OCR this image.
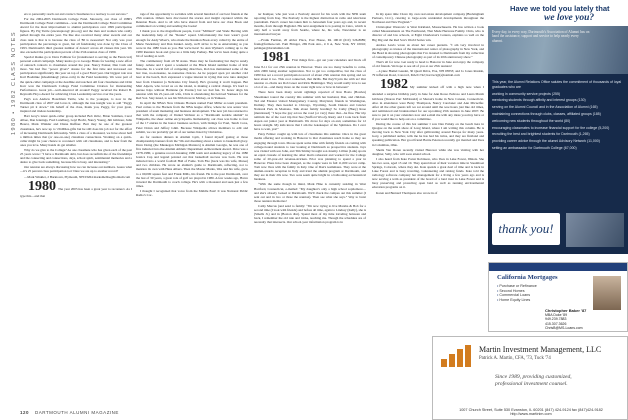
1980 • 1982 CLASS NOTES

ers to personally reach out and contact classmates is a real key to our success.”

For the 2004-2005 Dartmouth College Fund. Sincerely, our class of 1980's Dartmouth College Fund committee—won the Dartmouth College Fund Committee Award for the most improvement to alumni participation over 1999 participation figures. By Pig Tuttle (stacetupton@ pbs.org) and the men and women who really pulled through the entire year. We like also received many other awards and our class rank is that is is because the class of '80 is awesome!! Not only was your participation the percentage to great, but all fundraising was done by the Class of 1993. Dartmouth's third greatest number of donors' across all classes this year. We also exceeded the participation percent of the 25th reunion class of 1980.

Special thanks go to Dave Pollitzer for (transitioned to serving as the Fund.cwd) personal e-mail campaign. Many kudos go to George Bruns for leading a new effort of outreach contacts to classmates around the year. Nancy Pazner, Dan Cash and more. We had five “power givers” donate for the first time and increased our participation significantly this year on top of a good Fund year. Our biggest role was Karl Boehmke (kboehmke@ yahoo.com) in the Fund leadership. We were part of the quick-caller campaign at the deadline and reached. All four classmates and Ortiz Karr won the Dartmouth College Fund Committee Citation for Outstanding Performance. Great job—well-deserved all around! Peggy received the Robert B. Reynolds Hoyo Award for achieving Class Leadership service over the years.

Peg's son Andrew Boardman Tuttle, who is the youngest, is now in the Dartmouth class of 2007 and loves it, although the true insight was to add “Peggy Turner pit it down.” On behalf of the class, thank you, Peggy, for your great, inspired and tireless leadership.

Bart Gray's latest quick-caller group included Bob Ortiz, Brian Salzman, Carol Albee, Dan Jennings, Fred Lundberg, Gayl Hecht, Nancy Young, Jim Gilmour, Julia Hearst, Mark Winkler and Diane Ruffner. Bart may be one of the greatest classmates, he's now up to '20-Miles-gifts but he still does his job not for the effort of increasing Dartmouth fellowship. With a class of a thousand, we have about half a million times that (or one-on-one) classmate connections. Working on a quick-caller might be your chance to reconnect with old classmates, and to hear from the ones you love. Many hands do get smaller.

Why do we give to the College? As one classmate who has given each of the past 25 years wrote: “I have a Dartmouth debt, but does reconfirm me of the friendships and the connecting and connections, days, school spirit, sentimental memories and a desire to give back something, because life is busy, and interesting.”

Our reunion are always discussing how we can increase our numbers. Guess what—it's 25 percent class participation too! Dare we are up to another record?

—Mark Winkler, 2 Barktown, Plymouth, NH 03264 marksthebbe@hotmail.com

1980 The year 2005 has been a great year to reconnect. As I type this—and that

rage of the opportunity to socialize with several hundred of our best friends at the 25th reunion. Others have discovered the stories and insight captured within the Reunion Book. And to all who have shared from and have our class Book and commented on writing and sending the books!

I thank you to the magnificent people, Carol “Milliard” and Wade Herring with the leadership help of the “Reune” squad. Unfortunately the best wasn't good enough for Andy Wiser's, who made the Reunion Book every called by the entire of Marie Tewksbury and Dan Zenkel. Andy, we'll strive to be as entertaining as you were in the 1980 book as you. But we're here! So Ann Wyman's coming up to the 1980 Reunion book and gave us a little help Pudney. But we've been doing quite a bit of reading as well.

The commentary from all 50 states. There may be fascinating but they're surely funny. Arlene and I spent a weekend at the Black Island summer home of Rob Nusome. In a world full of competing directives, Rob has maintained some of the last true, no-nonsense, no-nonsense choices. As he popped open yet another cold beer at the beach, Rob expressed a vague interest in trying that new tuna designer beer from Chestnut (a Nebraska City friend). He's growing it won't happen. But Matt Alpern, who loved us on the island, is making a radical change. It's hard to pursue Kips without Harlanne (in Pontiac) but we had fun. To honor align his reunion with his 25-year-old wife, Chris is abandoning his beloved Yankees for the Red Sox. Stay tuned, to see his 50th move in Mickey, as in Yankees.

In April the NBA's New Orleans Hornets named Paul Miller as team president. Paul comes to the Hornets from the NBA league office, where he was senior vice president of team marketing and business development. The new job has returned to that with the company of Daniel Webster as a “Dartmouth notable alumni” in Wikipedia, the sheer online encyclopedia. Remarkably, our class was home to four of the 17 entries in the honor business section, with listings for Paul, Tench Coxe, Peter Dolan and Jeffrey Glim. Because Wikipedia allows members to edit and submit, we can probably get all of our names listed by Christmas.

As for reunion dinners in Alumni Gym, I found myself gazing at those championship banners from the '50s and dreaming about a return to basketball glory. Dave Doing (the Muskegon Michigan Maniacs) is Alumni Georgia, he was one of five inducted into the Alumni Athletic Department Achievement Award. Dave was a 1978-1980, a genuine record-breaking 1980 team and enduring legacy of the 1980 Jessica Cup and legend pointed out that basketball success was back. He was inducted into a world football Hall of Fame. Tom Fite (back was his wife, Maree) and two children. He wrote an alumni's guide to Dartmouth, reflecting, not to mention its own with Hans Albers. Then the Master Marks, Wes and his wife, grew to a 60,000 square feet and Frank Mills, his friend. He is the past Dartmouth, over the last of 30 years, a great role of golf we played in 1980. A few weeks ago, Harve traveled the Dartmouth to coach college. He's with a thousand and seen just a few times.

I thought I recognized that voice from the Middle East! It was National Public Radio's Cor-

ter Kamper, who just won a Peabody Award for his work with the NPR team reporting from Iraq. The Peabody is the highest distinction in radio and television journalism. Peter's career has taken him to Jerusalem four years ago and, in recent months, from through Baghdad. His next assignment is is posting in Cairo, which is only half a world away from Seattle, where he, his wife, Newsletter is an international lawyer.

—Frank Furman, 20 Abbot Place, Post House, PA 19010 (610) 526-8689; frank@furman.com. Pam Ebinger, 269 Park Ave., # 6 A, New York, NY 10016; pebinger@dartalumni.com

1981 First things first—get out your calendars and block off June 8-11 for our 25th reunion in Hanover. There are too many benefits to come, with 2006 being another registration. Not to get too competitive, but the class of 1980 has set a record participation record of about 25th reunion this spring and we hear about it too. This cool connected, that thrills. But they'll join me with us! Our reunion co-chairs are Rob Greer and Rick Heiminger. They would really love to see a lot of us—and many more on the roster right now or how in between?

There have been many recent sightings reported of Ron Bosio (Bowles) Shoemaker toured the country this summer with her husband, Dan, and children. Ted and Eleanor visited Montgomery County, Maryland, friends in Washington, Dominy. They then headed to Chicago, Wyoming, South Dakota and Glacier National Park in Montana. Talk about family bonding! So Cathy (Huey) Rose (mentioned) “I hope the guy across the road (or very) there that—he fine. Her trip reminds me of the road trip that Sue (Stafford Wood), Rusty and I took back from Aspen our junior year at Dartmouth. We drove for days on end, sometimes for 12 hours straight. My kids know that I am the Gatekeeper of the Sphinxes. Do I ever have to wait, yes!”

Patsy Feltner caught up with lots of classmates this summer. Once in the great media offering and working in Hanover is that classmates reach home so they are engaging through town. Moose spent some time with family friends on coming with college-bound students to tour looking at Dartmouth as prospective students. Jaya was visited with son John, and Tim Smiley brought son Jeremy. Lillian (Lulu) sports an equal crusade of learning the other man's rehearsal and worked for the College some of 20-year-old revenue-stricken. Prior was planning to spend a year in Hanover. Plans have been changed, as the couple were in full 11,000 soccer camp. Tom now lives with the family in Italy. One of Dan's teammates. They were at the alumni-awards reception in Italy and tried the alumni program at Dartmouth, and they are in their 20s now. Two sons seem quite bright in a ballooning ecclesiastical business.

“With the same though in mind, Mark Hine is currently residing in West Hartford, Connecticut, e-mailed: “My daughter's only a high school sophomore—and she's already looked at Dartmouth. We'll check the campus out this summer (I sent out and in two or three the reunion). Then see what she says.” Way to burst those reunion memories!

Cathy Marcus (and send to family: “I'm now trying to live Marsha & Bob for a second time (I look with friends) and before all time, again to Lindsay (Kelly), she is (Smalls Jr.) and in (Boston dlar). Spend most of my time traveling between and back, I remember the old rule and tricks, teaching me. Though the schedules are of necessity that intersects. Our school-year information program is in

In my spare time I have my own real estate development company (Buckingham Partners, LLC), catering to large-scale residential developments throughout the Northeast and New England.”

Christopher Wasnovic is West Kirkland, Massachusetts. He has written a book called Measurements on The Eastbound, That Made Herstone Family. Chris, who is director of and law schools, at Eight Charleston's Centers, explains so well on the Big Dig and the Red Sox's World Series win.

Andrea Lewis wrote us about her career pursuits. “I am very involved in photography as trustee of the international center of photography in New York, and the Head in showing photographs that I've donated to Dartmouth from my collection of contemporary Chinese photography as part of its 20th anniversary show.”

That's all for now. Get ready to head to Hanover in June and enjoy the company of old friends. We hope to see all of you at our 25th reunion!

—Lynne Hamel Gaudet, 30 Quail Drive, Exa, NH 03833; and Jo Jones Ronkin, 79 Jefferson Road, Concord, MA 01742; hart kcl@(a)hotmail.com

1982 My summer kicked off with a high note when I attended a surprise birthday party in June for Ann Rosso Pedroso and Laura Marsh Gibbons (Sharon Parr McDonald) at Sharon's home in New Canaan, Connecticut. Also in attendance were Betsy Thompson, Nancy Carolaner and Ann Micaelfer. After all the other guests left we sat around until the wee hours just like old times, and reminisced and brainstormed for our upcoming 25th reunion in June 2007. Be sure to put it on your calendars now and e-mail me with any ideas you may have or if you would like to help out on a committee.

During the course of this hot summer I saw Dan Pulsky on the beach here in Quogue on the south shore of Long Island, where I am writing this column. He is moving back to New York City after gallivanting around Europe for many years. Gary, a published author, tells me he has had his twins, and they are firstland and speaking publication. Her good friend Barrie Peterson recently got married and lives in Columbus, Ohio.

Sheila Van Doren recently visited Hanover while she was visiting with her daughter, Sally, who will soon attend school.

I also heard from Kate Porter Robinson, who lives in Lake Forest, Illinois. She has two sons, aged 13 and 10. They spend most of their vacation time in Steamboat Springs, Colorado, where they ski. Kate spends a great deal of time and is back in Lake Forest and is busy traveling, volunteering and raising funds. Kate told the radiology software company her management for a living a few years ago and is now serving a term as president of the board of a land trust in Lake Forest and is busy preserving and protecting open land as well as running environmental education programs on it.

Karen and Bernard Thompson also wrote in of

120 DARTMOUTH ALUMNI MAGAZINE
Have we told you lately that
we love you?
Every day, in every way, Dartmouth's Association of Alumni has on hand the assistance, support and service to help nearly every alumni.

This year, the Alumni Relations Office salutes the commitment of thousands of loyal graduates who are

working in community service projects (255)

mentoring students through affinity and interest groups (130)

serving on the Alumni Council and in the Association of Alumni (165)

maintaining connections through clubs, classes, affiliated groups (185)

welcoming new students throughout the world (80)

encouraging classmates to increase financial support for the college (5,200)

recruiting the best and brightest students for Dartmouth (1,265)

providing career advice through the alumni Advisory Network (11,000)

setting an ambassador for Dartmouth College (67,000)

thank you!
California Mortgages
• Purchase or Refinance
• Second Homes
• Commercial Loans
• Home Equity Lines
Christopher Baker '87
MBA Duke '89
949.239.7883
415.307.3626
ChrisB@MS-Loans.com
Martin Investment Management, LLC
Patrick A. Martin, CFA, '73, Tuck '74
Since 1989, providing customized,
professional investment counsel.
1007 Church Street, Suite 530 Evanston, IL 60201 (847) 424-9124 fax (847)424-9182 http://www.martinim.com
